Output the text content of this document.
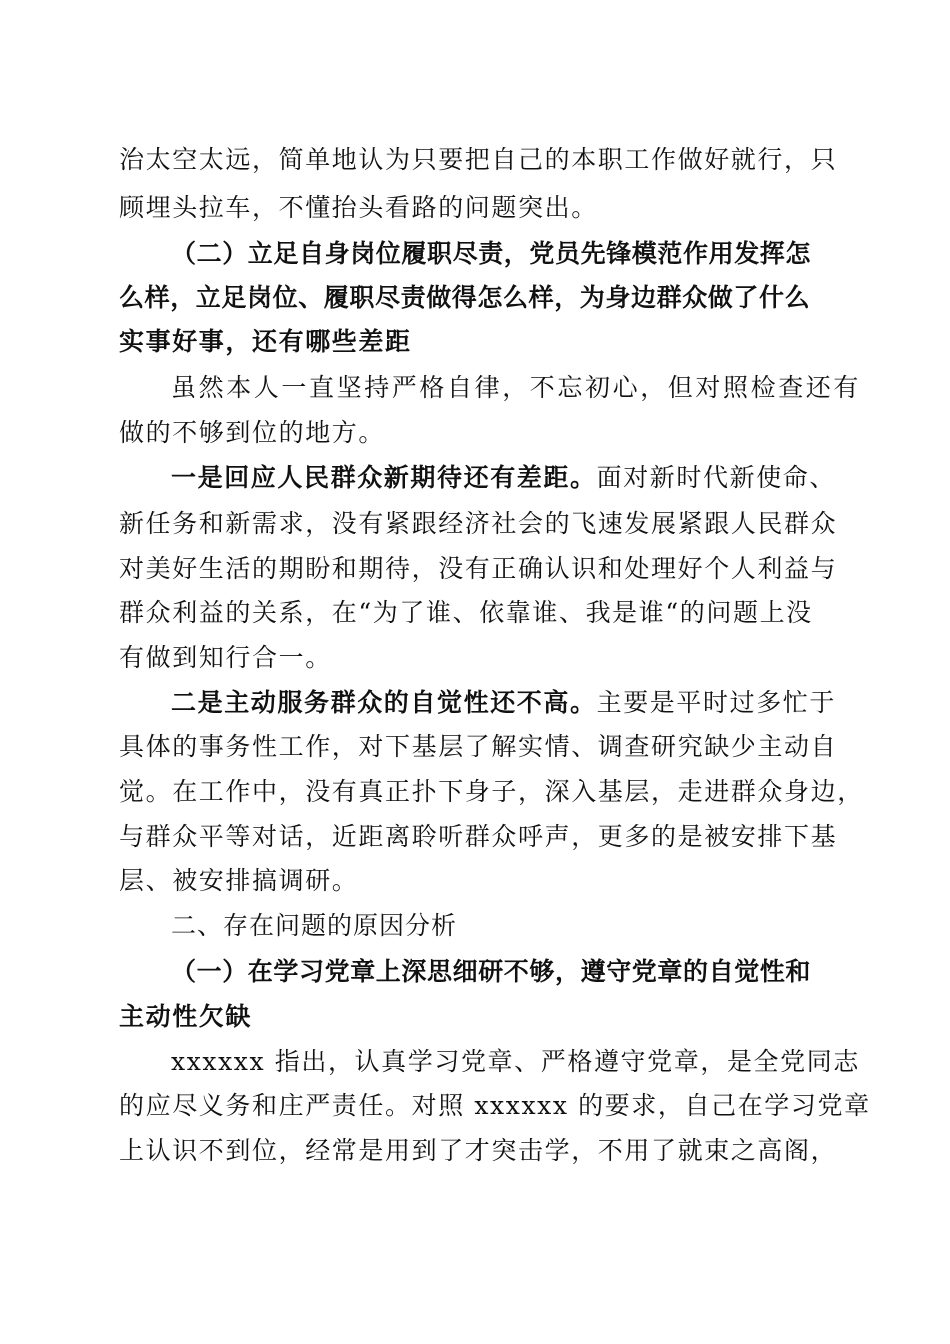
治太空太远，简单地认为只要把自己的本职工作做好就行，只
顾埋头拉车，不懂抬头看路的问题突出。
（二）立足自身岗位履职尽责，党员先锋模范作用发挥怎
么样，立足岗位、履职尽责做得怎么样，为身边群众做了什么
实事好事，还有哪些差距
虽然本人一直坚持严格自律，不忘初心，但对照检查还有
做的不够到位的地方。
一是回应人民群众新期待还有差距。面对新时代新使命、
新任务和新需求，没有紧跟经济社会的飞速发展紧跟人民群众
对美好生活的期盼和期待，没有正确认识和处理好个人利益与
群众利益的关系，在“为了谁、依靠谁、我是谁“的问题上没
有做到知行合一。
二是主动服务群众的自觉性还不高。主要是平时过多忙于
具体的事务性工作，对下基层了解实情、调查研究缺少主动自
觉。在工作中，没有真正扑下身子，深入基层，走进群众身边，
与群众平等对话，近距离聆听群众呼声，更多的是被安排下基
层、被安排搞调研。
二、存在问题的原因分析
（一）在学习党章上深思细研不够，遵守党章的自觉性和
主动性欠缺
xxxxxx 指出，认真学习党章、严格遵守党章，是全党同志
的应尽义务和庄严责任。对照 xxxxxx 的要求，自己在学习党章
上认识不到位，经常是用到了才突击学，不用了就束之高阁，
